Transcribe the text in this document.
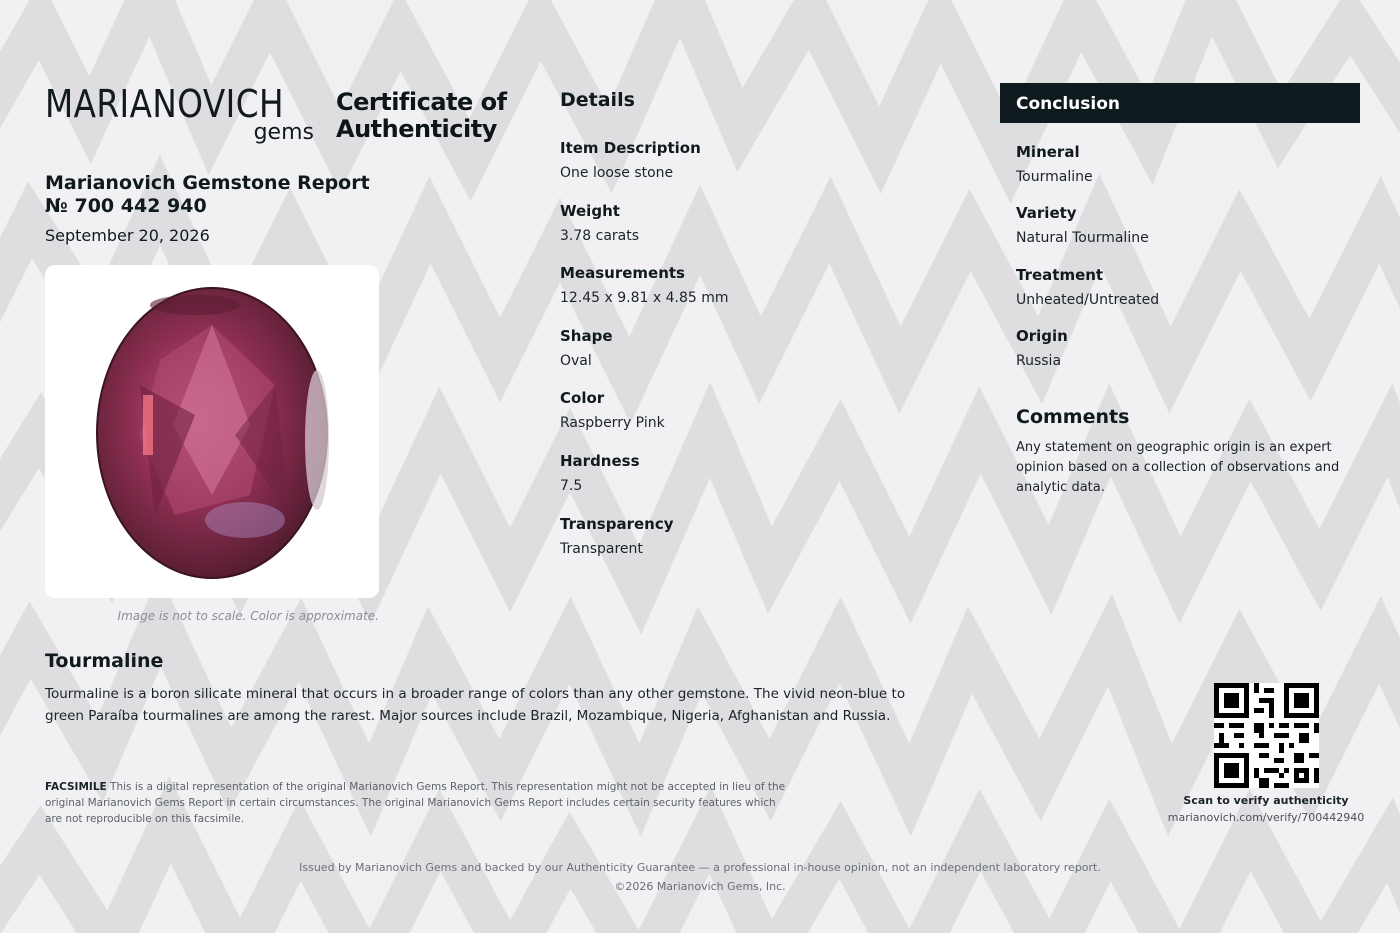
MARIANOVICH
gems
Certificate of
Authenticity
Marianovich Gemstone Report
№ 700 442 940
September 20, 2026
Image is not to scale. Color is approximate.
Details
Item Description
One loose stone
Weight
3.78 carats
Measurements
12.45 x 9.81 x 4.85 mm
Shape
Oval
Color
Raspberry Pink
Hardness
7.5
Transparency
Transparent
Conclusion
Mineral
Tourmaline
Variety
Natural Tourmaline
Treatment
Unheated/Untreated
Origin
Russia
Comments
Any statement on geographic origin is an expert opinion based on a collection of observations and analytic data.
Tourmaline
Tourmaline is a boron silicate mineral that occurs in a broader range of colors than any other gemstone. The vivid neon-blue to green Paraíba tourmalines are among the rarest. Major sources include Brazil, Mozambique, Nigeria, Afghanistan and Russia.
FACSIMILE This is a digital representation of the original Marianovich Gems Report. This representation might not be accepted in lieu of the original Marianovich Gems Report in certain circumstances. The original Marianovich Gems Report includes certain security features which are not reproducible on this facsimile.
Scan to verify authenticity
marianovich.com/verify/700442940
Issued by Marianovich Gems and backed by our Authenticity Guarantee — a professional in-house opinion, not an independent laboratory report.
©2026 Marianovich Gems, Inc.
